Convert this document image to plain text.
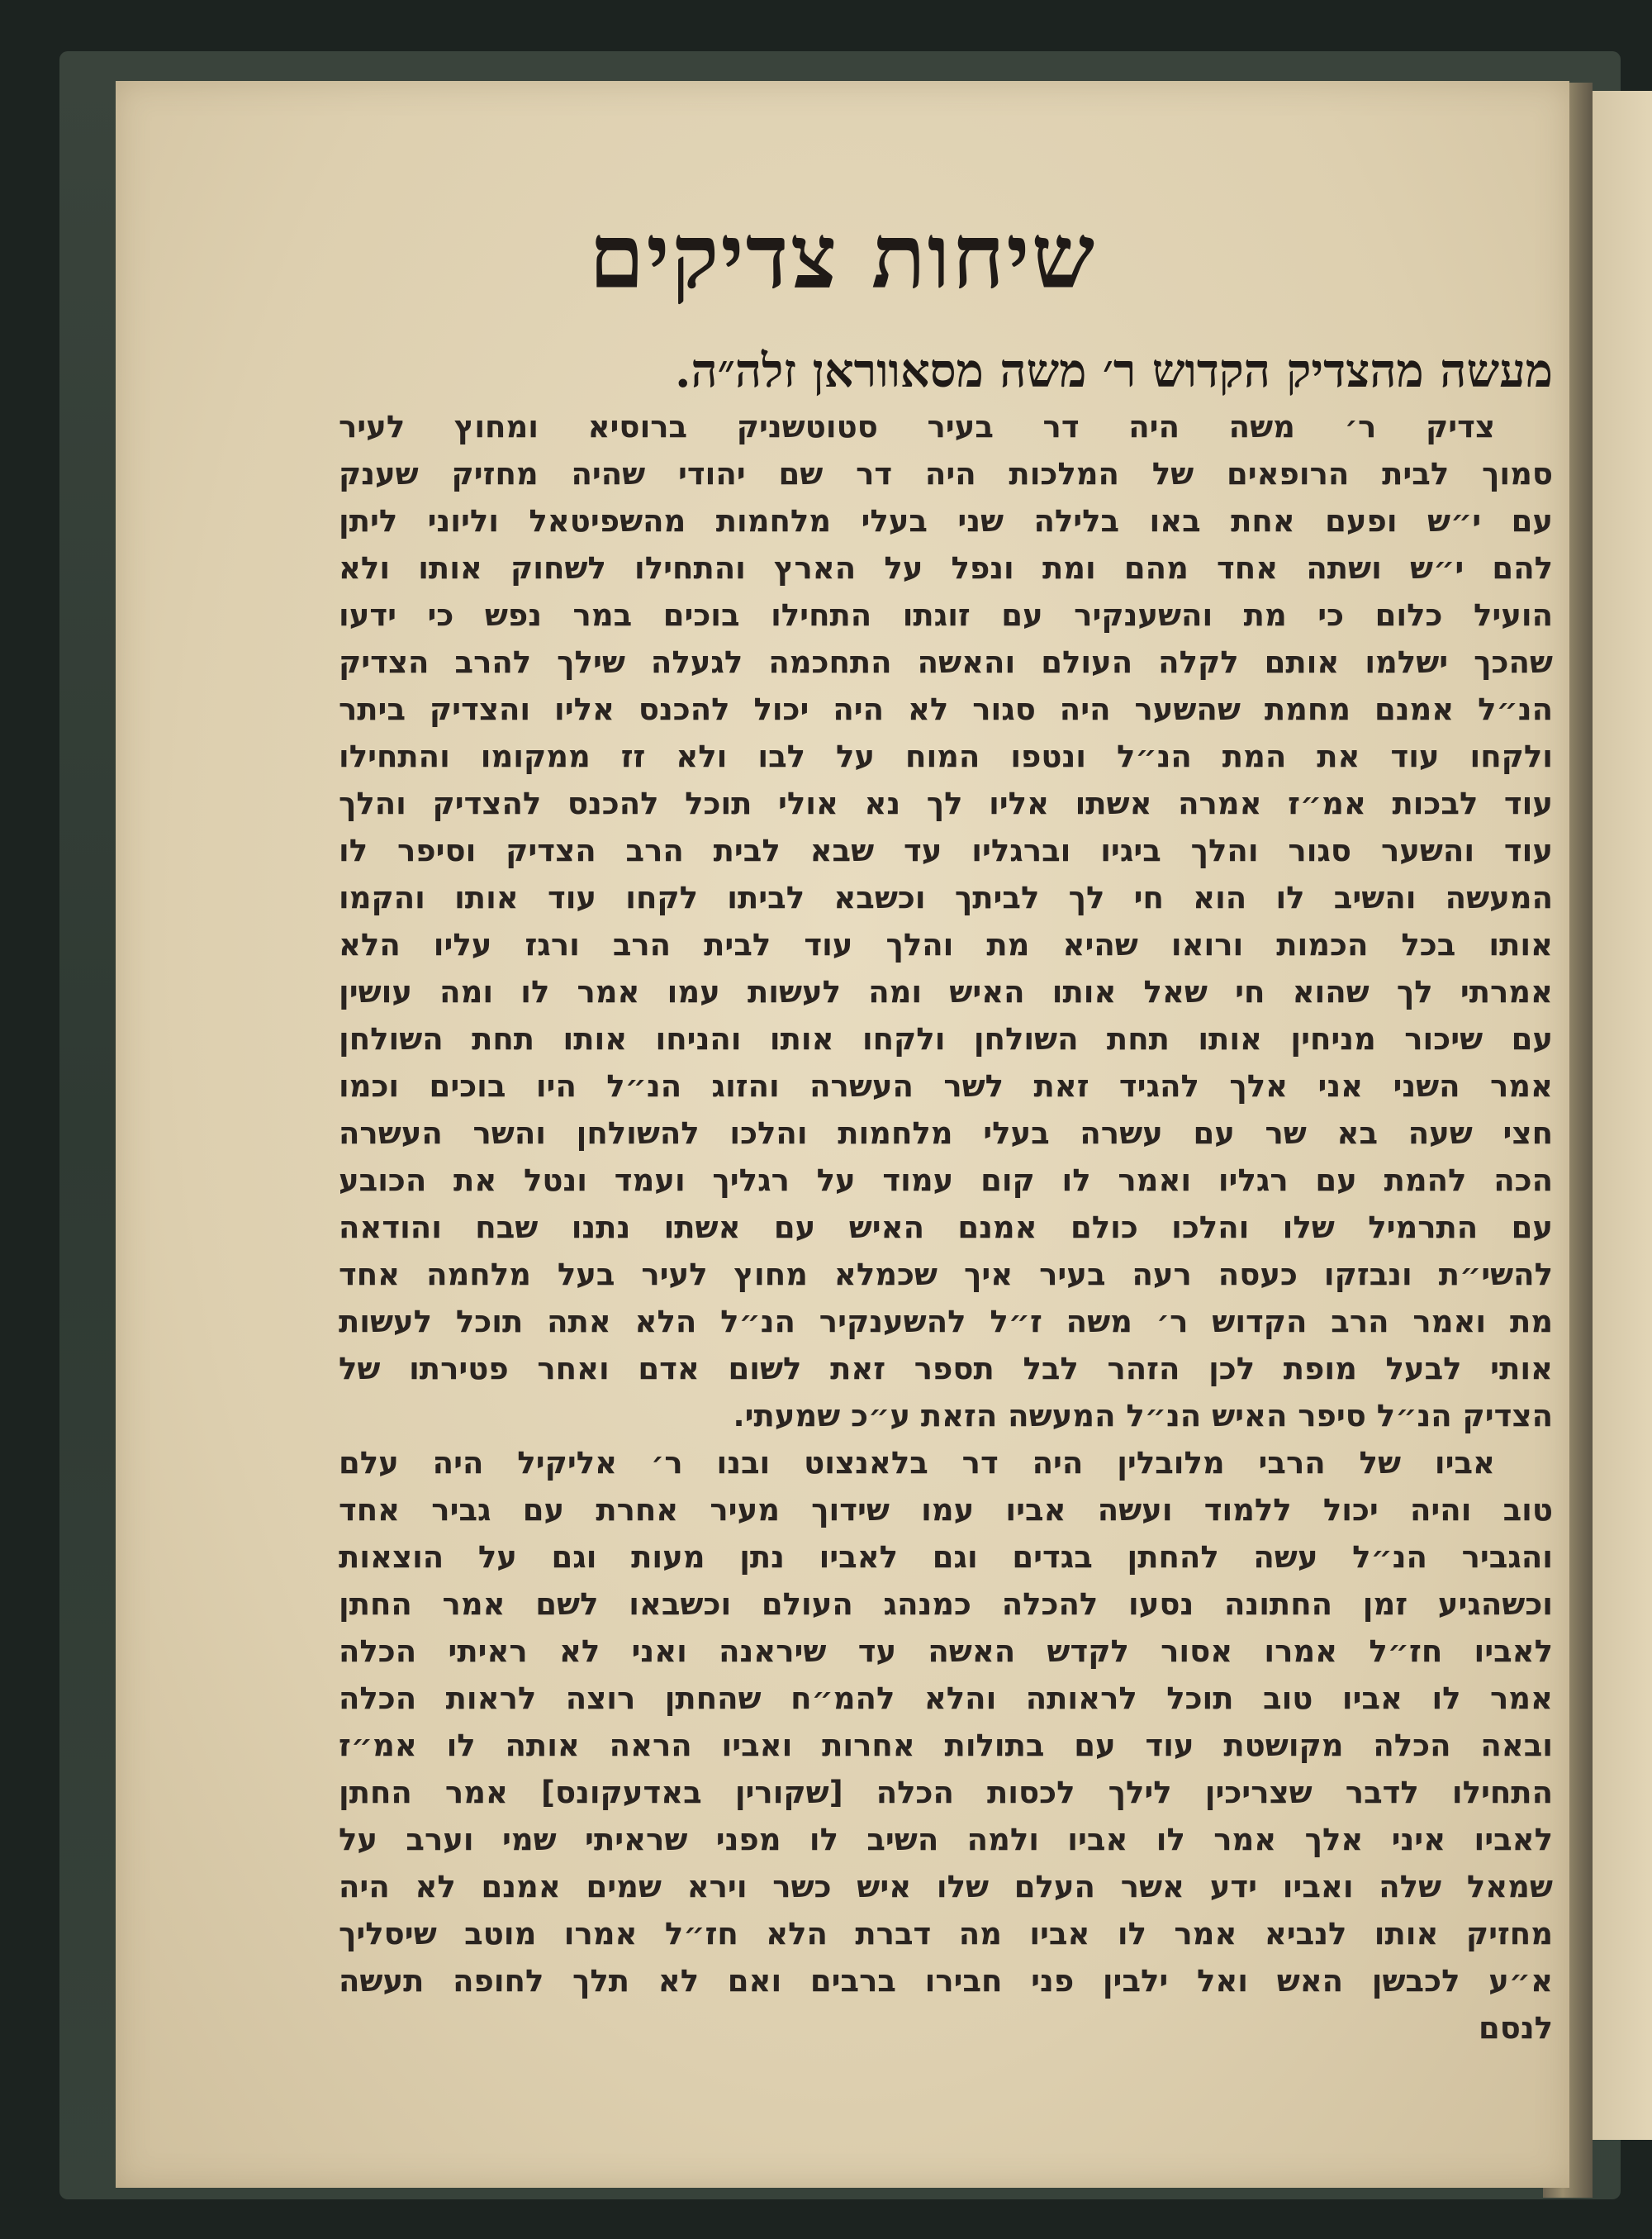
שיחות צדיקים
מעשה מהצדיק הקדוש ר׳ משה מסאווראן זלה״ה.
צדיק ר׳ משה היה דר בעיר סטוטשניק ברוסיא ומחוץ לעיר
סמוך לבית הרופאים של המלכות היה דר שם יהודי שהיה מחזיק שענק
עם י״ש ופעם אחת באו בלילה שני בעלי מלחמות מהשפיטאל וליוני ליתן
להם י״ש ושתה אחד מהם ומת ונפל על הארץ והתחילו לשחוק אותו ולא
הועיל כלום כי מת והשענקיר עם זוגתו התחילו בוכים במר נפש כי ידעו
שהכך ישלמו אותם לקלה העולם והאשה התחכמה לגעלה שילך להרב הצדיק
הנ״ל אמנם מחמת שהשער היה סגור לא היה יכול להכנס אליו והצדיק ביתר
ולקחו עוד את המת הנ״ל ונטפו המוח על לבו ולא זז ממקומו והתחילו
עוד לבכות אמ״ז אמרה אשתו אליו לך נא אולי תוכל להכנס להצדיק והלך
עוד והשער סגור והלך ביגיו וברגליו עד שבא לבית הרב הצדיק וסיפר לו
המעשה והשיב לו הוא חי לך לביתך וכשבא לביתו לקחו עוד אותו והקמו
אותו בכל הכמות ורואו שהיא מת והלך עוד לבית הרב ורגז עליו הלא
אמרתי לך שהוא חי שאל אותו האיש ומה לעשות עמו אמר לו ומה עושין
עם שיכור מניחין אותו תחת השולחן ולקחו אותו והניחו אותו תחת השולחן
אמר השני אני אלך להגיד זאת לשר העשרה והזוג הנ״ל היו בוכים וכמו
חצי שעה בא שר עם עשרה בעלי מלחמות והלכו להשולחן והשר העשרה
הכה להמת עם רגליו ואמר לו קום עמוד על רגליך ועמד ונטל את הכובע
עם התרמיל שלו והלכו כולם אמנם האיש עם אשתו נתנו שבח והודאה
להשי״ת ונבזקו כעסה רעה בעיר איך שכמלא מחוץ לעיר בעל מלחמה אחד
מת ואמר הרב הקדוש ר׳ משה ז״ל להשענקיר הנ״ל הלא אתה תוכל לעשות
אותי לבעל מופת לכן הזהר לבל תספר זאת לשום אדם ואחר פטירתו של
הצדיק הנ״ל סיפר האיש הנ״ל המעשה הזאת ע״כ שמעתי.
אביו של הרבי מלובלין היה דר בלאנצוט ובנו ר׳ אליקיל היה עלם
טוב והיה יכול ללמוד ועשה אביו עמו שידוך מעיר אחרת עם גביר אחד
והגביר הנ״ל עשה להחתן בגדים וגם לאביו נתן מעות וגם על הוצאות
וכשהגיע זמן החתונה נסעו להכלה כמנהג העולם וכשבאו לשם אמר החתן
לאביו חז״ל אמרו אסור לקדש האשה עד שיראנה ואני לא ראיתי הכלה
אמר לו אביו טוב תוכל לראותה והלא להמ״ח שהחתן רוצה לראות הכלה
ובאה הכלה מקושטת עוד עם בתולות אחרות ואביו הראה אותה לו אמ״ז
התחילו לדבר שצריכין לילך לכסות הכלה [שקורין באדעקונס] אמר החתן
לאביו איני אלך אמר לו אביו ולמה השיב לו מפני שראיתי שמי וערב על
שמאל שלה ואביו ידע אשר העלם שלו איש כשר וירא שמים אמנם לא היה
מחזיק אותו לנביא אמר לו אביו מה דברת הלא חז״ל אמרו מוטב שיסליך
א״ע לכבשן האש ואל ילבין פני חבירו ברבים ואם לא תלך לחופה תעשה
לנסם
